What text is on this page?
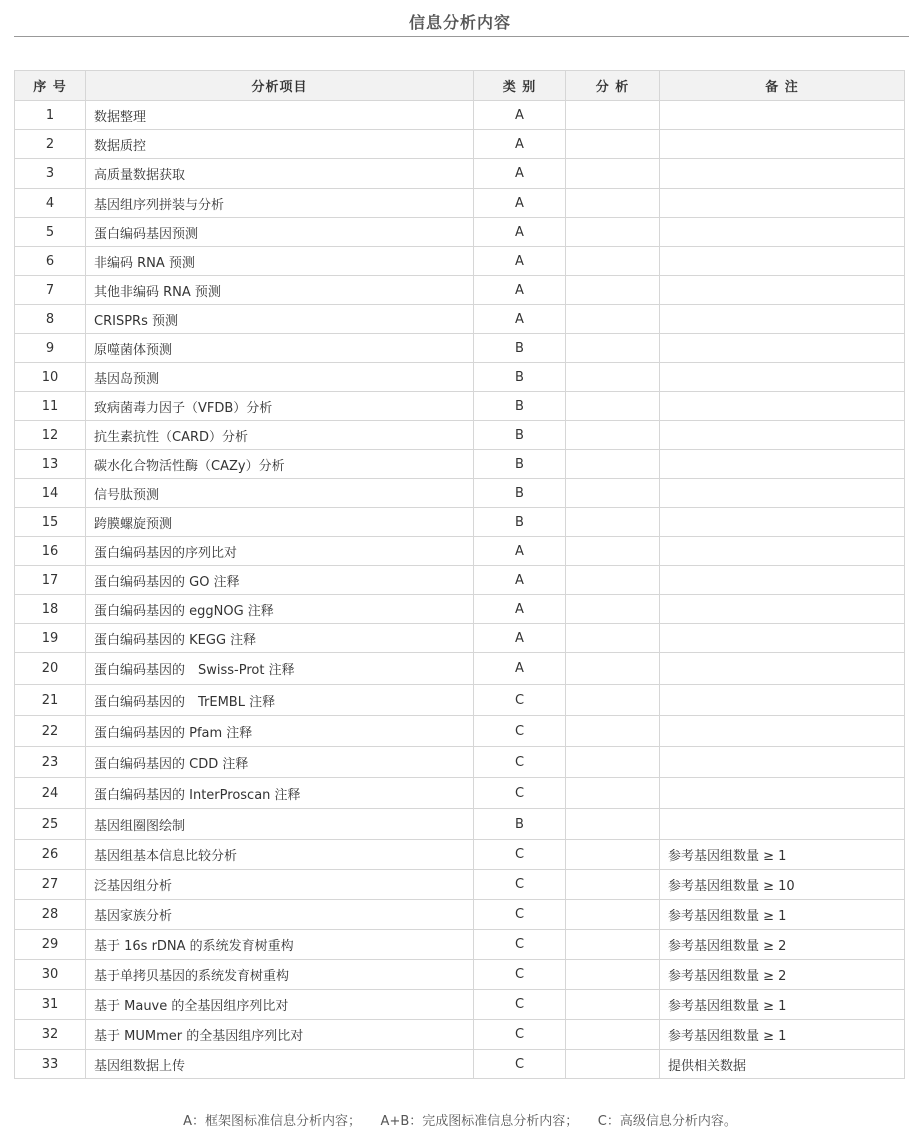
信息分析内容
序 号	分析项目	类 别	分 析	备 注
1	数据整理	A		
2	数据质控	A		
3	高质量数据获取	A		
4	基因组序列拼装与分析	A		
5	蛋白编码基因预测	A		
6	非编码 RNA 预测	A		
7	其他非编码 RNA 预测	A		
8	CRISPRs 预测	A		
9	原噬菌体预测	B		
10	基因岛预测	B		
11	致病菌毒力因子（VFDB）分析	B		
12	抗生素抗性（CARD）分析	B		
13	碳水化合物活性酶（CAZy）分析	B		
14	信号肽预测	B		
15	跨膜螺旋预测	B		
16	蛋白编码基因的序列比对	A		
17	蛋白编码基因的 GO 注释	A		
18	蛋白编码基因的 eggNOG 注释	A		
19	蛋白编码基因的 KEGG 注释	A		
20	蛋白编码基因的　Swiss-Prot 注释	A		
21	蛋白编码基因的　TrEMBL 注释	C		
22	蛋白编码基因的 Pfam 注释	C		
23	蛋白编码基因的 CDD 注释	C		
24	蛋白编码基因的 InterProscan 注释	C		
25	基因组圈图绘制	B		
26	基因组基本信息比较分析	C		参考基因组数量 ≥ 1
27	泛基因组分析	C		参考基因组数量 ≥ 10
28	基因家族分析	C		参考基因组数量 ≥ 1
29	基于 16s rDNA 的系统发育树重构	C		参考基因组数量 ≥ 2
30	基于单拷贝基因的系统发育树重构	C		参考基因组数量 ≥ 2
31	基于 Mauve 的全基因组序列比对	C		参考基因组数量 ≥ 1
32	基于 MUMmer 的全基因组序列比对	C		参考基因组数量 ≥ 1
33	基因组数据上传	C		提供相关数据
A：框架图标准信息分析内容；　　A+B：完成图标准信息分析内容；　　C：高级信息分析内容。
